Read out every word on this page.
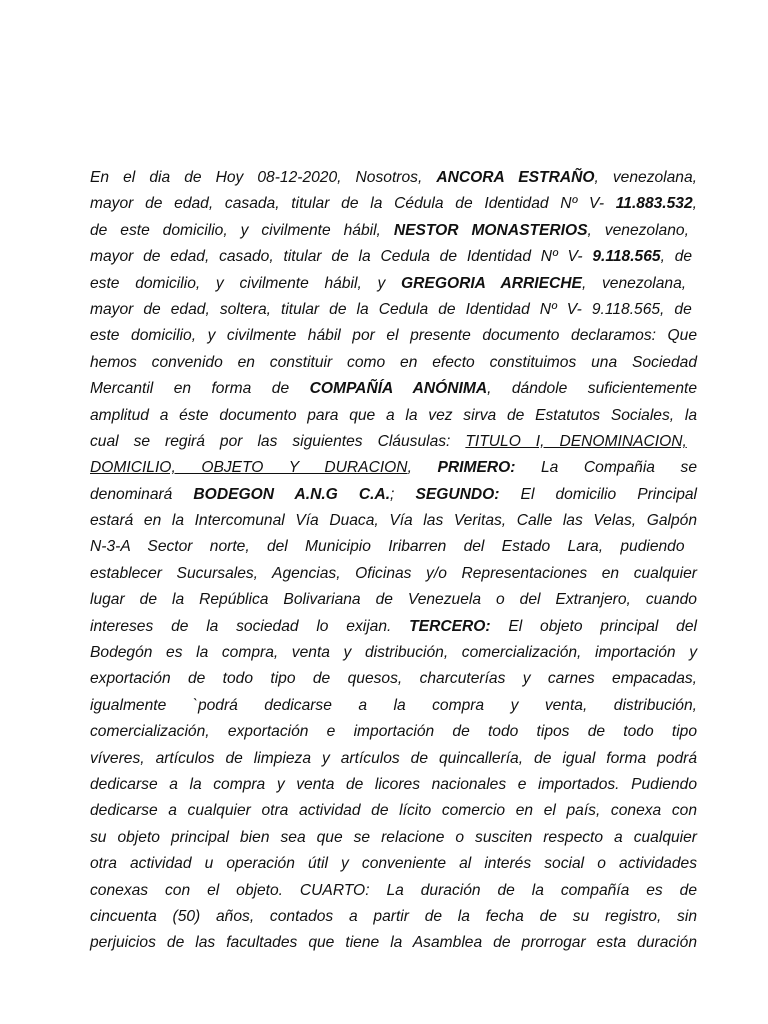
En el dia de Hoy 08-12-2020, Nosotros, ANCORA ESTRAÑO, venezolana,
mayor de edad, casada, titular de la Cédula de Identidad Nº V- 11.883.532,
de este domicilio, y civilmente hábil, NESTOR MONASTERIOS, venezolano,
mayor de edad, casado, titular de la Cedula de Identidad Nº V- 9.118.565, de
este domicilio, y civilmente hábil, y GREGORIA ARRIECHE, venezolana,
mayor de edad, soltera, titular de la Cedula de Identidad Nº V- 9.118.565, de
este domicilio, y civilmente hábil por el presente documento declaramos: Que
hemos convenido en constituir como en efecto constituimos una Sociedad
Mercantil en forma de COMPAÑÍA ANÓNIMA, dándole suficientemente
amplitud a éste documento para que a la vez sirva de Estatutos Sociales, la
cual se regirá por las siguientes Cláusulas: TITULO I, DENOMINACION,
DOMICILIO, OBJETO Y DURACION, PRIMERO: La Compañia se
denominará BODEGON A.N.G C.A.; SEGUNDO: El domicilio Principal
estará en la Intercomunal Vía Duaca, Vía las Veritas, Calle las Velas, Galpón
N-3-A Sector norte, del Municipio Iribarren del Estado Lara, pudiendo
establecer Sucursales, Agencias, Oficinas y/o Representaciones en cualquier
lugar de la República Bolivariana de Venezuela o del Extranjero, cuando
intereses de la sociedad lo exijan. TERCERO: El objeto principal del
Bodegón es la compra, venta y distribución, comercialización, importación y
exportación de todo tipo de quesos, charcuterías y carnes empacadas,
igualmente `podrá dedicarse a la compra y venta, distribución,
comercialización, exportación e importación de todo tipos de todo tipo
víveres, artículos de limpieza y artículos de quincallería, de igual forma podrá
dedicarse a la compra y venta de licores nacionales e importados. Pudiendo
dedicarse a cualquier otra actividad de lícito comercio en el país, conexa con
su objeto principal bien sea que se relacione o susciten respecto a cualquier
otra actividad u operación útil y conveniente al interés social o actividades
conexas con el objeto. CUARTO: La duración de la compañía es de
cincuenta (50) años, contados a partir de la fecha de su registro, sin
perjuicios de las facultades que tiene la Asamblea de prorrogar esta duración
